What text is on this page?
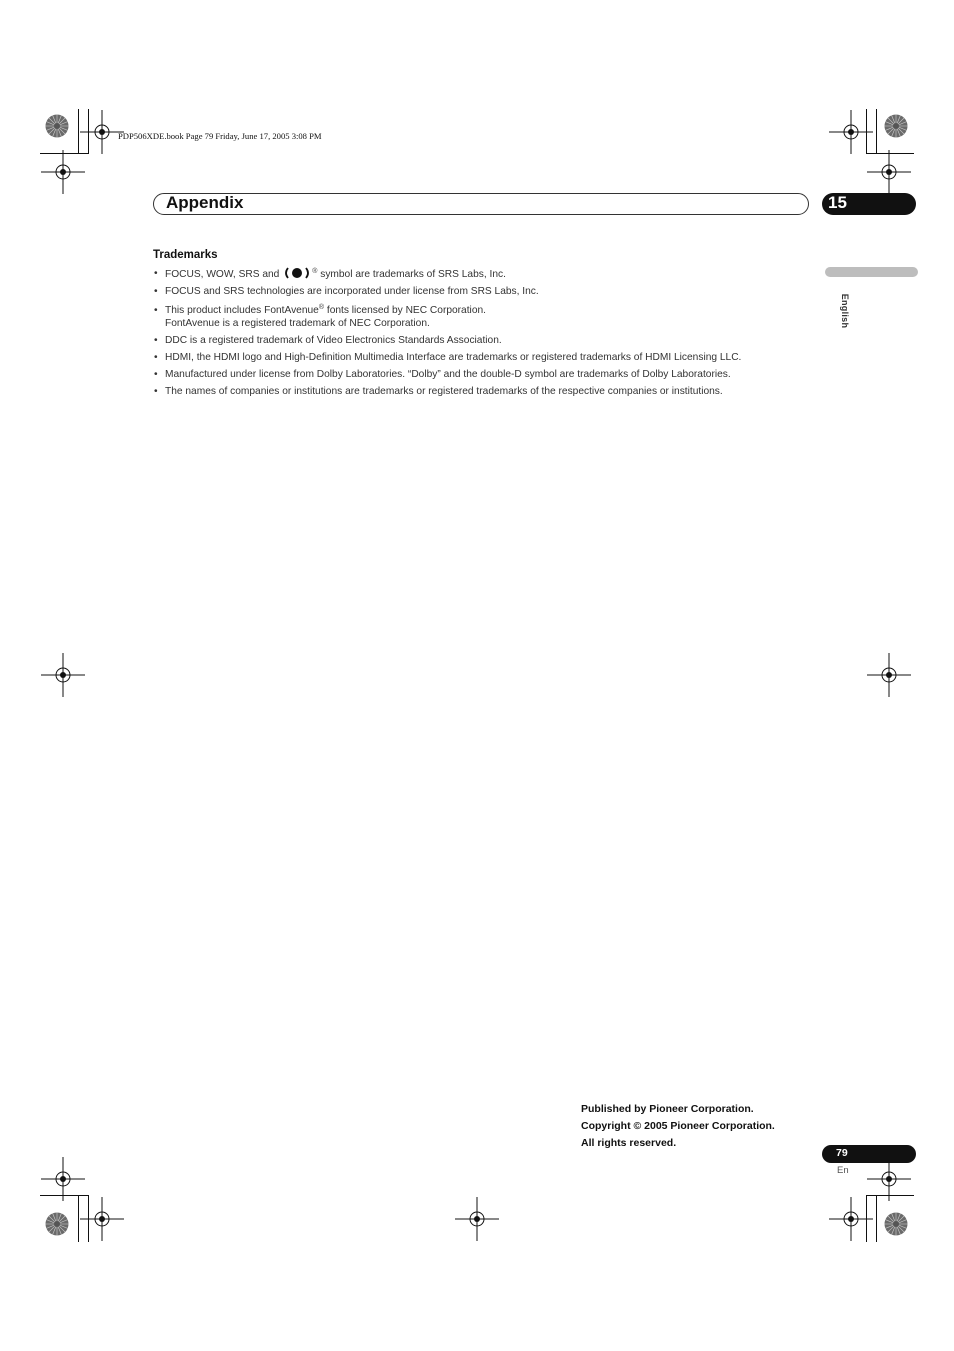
PDP506XDE.book Page 79 Friday, June 17, 2005 3:08 PM
Appendix	15
English
Trademarks
• FOCUS, WOW, SRS and	® symbol are trademarks of SRS Labs, Inc.
• FOCUS and SRS technologies are incorporated under license from SRS Labs, Inc.
• This product includes FontAvenue® fonts licensed by NEC Corporation.
FontAvenue is a registered trademark of NEC Corporation.
• DDC is a registered trademark of Video Electronics Standards Association.
• HDMI, the HDMI logo and High-Definition Multimedia Interface are trademarks or registered trademarks of HDMI Licensing LLC.
• Manufactured under license from Dolby Laboratories. “Dolby” and the double-D symbol are trademarks of Dolby Laboratories.
• The names of companies or institutions are trademarks or registered trademarks of the respective companies or institutions.
Published by Pioneer Corporation.
Copyright © 2005 Pioneer Corporation.
All rights reserved.
79
En
